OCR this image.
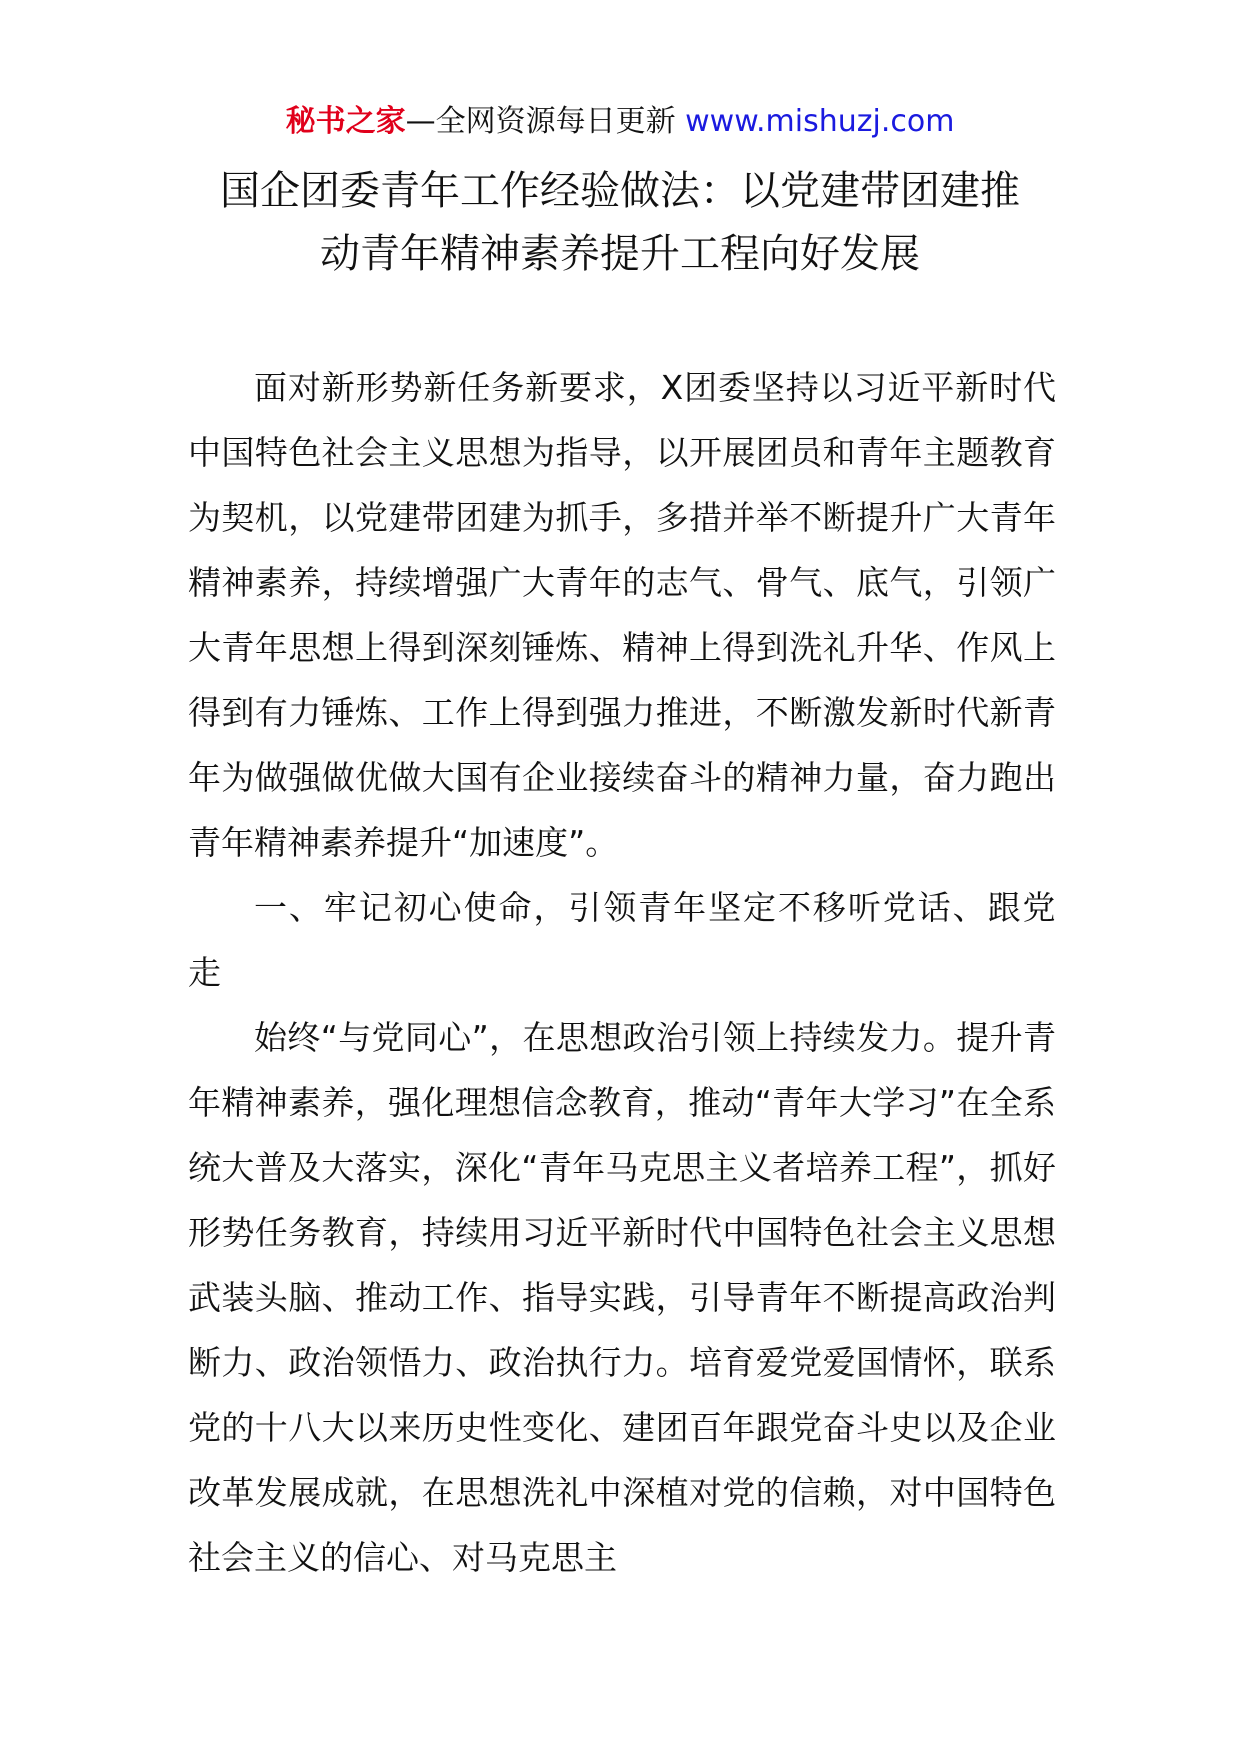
秘书之家—全网资源每日更新 www.mishuzj.com
国企团委青年工作经验做法：以党建带团建推
动青年精神素养提升工程向好发展

面对新形势新任务新要求，X团委坚持以习近平新时代中国特色社会主义思想为指导，以开展团员和青年主题教育为契机，以党建带团建为抓手，多措并举不断提升广大青年精神素养，持续增强广大青年的志气、骨气、底气，引领广大青年思想上得到深刻锤炼、精神上得到洗礼升华、作风上得到有力锤炼、工作上得到强力推进，不断激发新时代新青年为做强做优做大国有企业接续奋斗的精神力量，奋力跑出青年精神素养提升“加速度”。

一、牢记初心使命，引领青年坚定不移听党话、跟党走

始终“与党同心”，在思想政治引领上持续发力。提升青年精神素养，强化理想信念教育，推动“青年大学习”在全系统大普及大落实，深化“青年马克思主义者培养工程”，抓好形势任务教育，持续用习近平新时代中国特色社会主义思想武装头脑、推动工作、指导实践，引导青年不断提高政治判断力、政治领悟力、政治执行力。培育爱党爱国情怀，联系党的十八大以来历史性变化、建团百年跟党奋斗史以及企业改革发展成就，在思想洗礼中深植对党的信赖，对中国特色社会主义的信心、对马克思主
